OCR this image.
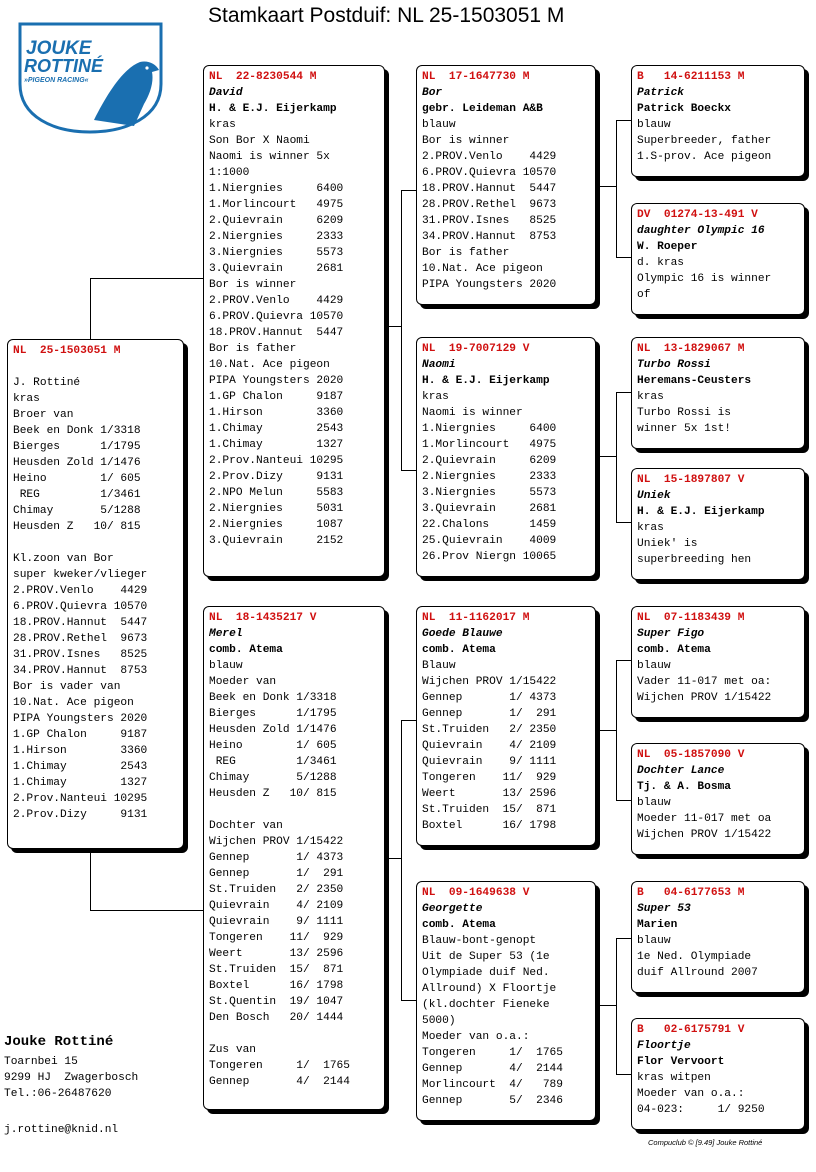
Stamkaart Postduif: NL 25-1503051 M
JOUKE
ROTTINÉ
»PIGEON RACING«
NL  25-1503051 M
J. Rottiné
kras
Broer van
Beek en Donk 1/3318
Bierges      1/1795
Heusden Zold 1/1476
Heino        1/ 605
REG         1/3461
Chimay       5/1288
Heusden Z   10/ 815
Kl.zoon van Bor
super kweker/vlieger
2.PROV.Venlo    4429
6.PROV.Quievra 10570
18.PROV.Hannut  5447
28.PROV.Rethel  9673
31.PROV.Isnes   8525
34.PROV.Hannut  8753
Bor is vader van
10.Nat. Ace pigeon
PIPA Youngsters 2020
1.GP Chalon     9187
1.Hirson        3360
1.Chimay        2543
1.Chimay        1327
2.Prov.Nanteui 10295
2.Prov.Dizy     9131
NL  22-8230544 M
David
H. & E.J. Eijerkamp
kras
Son Bor X Naomi
Naomi is winner 5x
1:1000
1.Niergnies     6400
1.Morlincourt   4975
2.Quievrain     6209
2.Niergnies     2333
3.Niergnies     5573
3.Quievrain     2681
Bor is winner
2.PROV.Venlo    4429
6.PROV.Quievra 10570
18.PROV.Hannut  5447
Bor is father
10.Nat. Ace pigeon
PIPA Youngsters 2020
1.GP Chalon     9187
1.Hirson        3360
1.Chimay        2543
1.Chimay        1327
2.Prov.Nanteui 10295
2.Prov.Dizy     9131
2.NPO Melun     5583
2.Niergnies     5031
2.Niergnies     1087
3.Quievrain     2152
NL  18-1435217 V
Merel
comb. Atema
blauw
Moeder van
Beek en Donk 1/3318
Bierges      1/1795
Heusden Zold 1/1476
Heino        1/ 605
REG         1/3461
Chimay       5/1288
Heusden Z   10/ 815
Dochter van
Wijchen PROV 1/15422
Gennep       1/ 4373
Gennep       1/  291
St.Truiden   2/ 2350
Quievrain    4/ 2109
Quievrain    9/ 1111
Tongeren    11/  929
Weert       13/ 2596
St.Truiden  15/  871
Boxtel      16/ 1798
St.Quentin  19/ 1047
Den Bosch   20/ 1444
Zus van
Tongeren     1/  1765
Gennep       4/  2144
NL  17-1647730 M
Bor
gebr. Leideman A&B
blauw
Bor is winner
2.PROV.Venlo    4429
6.PROV.Quievra 10570
18.PROV.Hannut  5447
28.PROV.Rethel  9673
31.PROV.Isnes   8525
34.PROV.Hannut  8753
Bor is father
10.Nat. Ace pigeon
PIPA Youngsters 2020
NL  19-7007129 V
Naomi
H. & E.J. Eijerkamp
kras
Naomi is winner
1.Niergnies     6400
1.Morlincourt   4975
2.Quievrain     6209
2.Niergnies     2333
3.Niergnies     5573
3.Quievrain     2681
22.Chalons      1459
25.Quievrain    4009
26.Prov Niergn 10065
NL  11-1162017 M
Goede Blauwe
comb. Atema
Blauw
Wijchen PROV 1/15422
Gennep       1/ 4373
Gennep       1/  291
St.Truiden   2/ 2350
Quievrain    4/ 2109
Quievrain    9/ 1111
Tongeren    11/  929
Weert       13/ 2596
St.Truiden  15/  871
Boxtel      16/ 1798
NL  09-1649638 V
Georgette
comb. Atema
Blauw-bont-genopt
Uit de Super 53 (1e
Olympiade duif Ned.
Allround) X Floortje
(kl.dochter Fieneke
5000)
Moeder van o.a.:
Tongeren     1/  1765
Gennep       4/  2144
Morlincourt  4/   789
Gennep       5/  2346
B   14-6211153 M
Patrick
Patrick Boeckx
blauw
Superbreeder, father
1.S-prov. Ace pigeon
DV  01274-13-491 V
daughter Olympic 16
W. Roeper
d. kras
Olympic 16 is winner
of
NL  13-1829067 M
Turbo Rossi
Heremans-Ceusters
kras
Turbo Rossi is
winner 5x 1st!
NL  15-1897807 V
Uniek
H. & E.J. Eijerkamp
kras
Uniek' is
superbreeding hen
NL  07-1183439 M
Super Figo
comb. Atema
blauw
Vader 11-017 met oa:
Wijchen PROV 1/15422
NL  05-1857090 V
Dochter Lance
Tj. & A. Bosma
blauw
Moeder 11-017 met oa
Wijchen PROV 1/15422
B   04-6177653 M
Super 53
Marien
blauw
1e Ned. Olympiade
duif Allround 2007
B   02-6175791 V
Floortje
Flor Vervoort
kras witpen
Moeder van o.a.:
04-023:     1/ 9250
Jouke Rottiné
Toarnbei 15
9299 HJ  Zwagerbosch
Tel.:06-26487620
j.rottine@knid.nl
Compuclub © [9.49] Jouke Rottiné
